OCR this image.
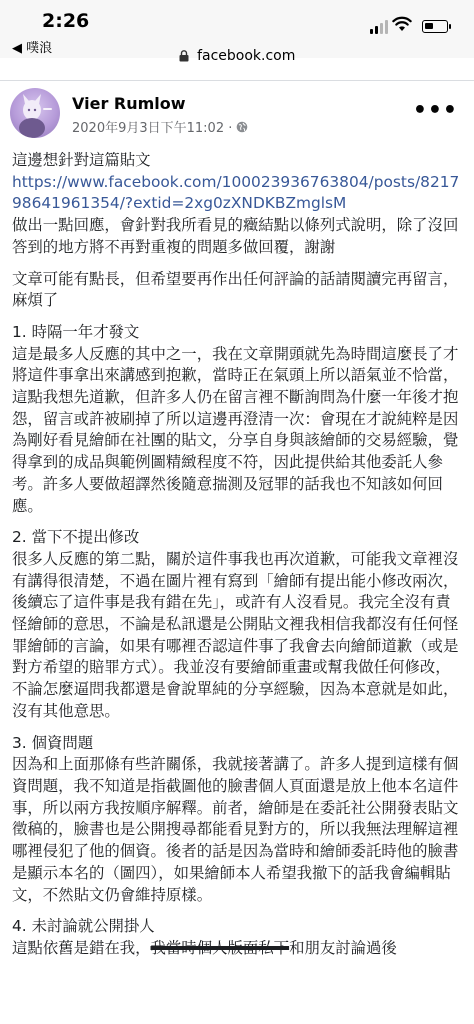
2:26
◀ 噗浪	facebook.com
Vier Rumlow
2020年9月3日下午11:02 ·
•••

這邊想針對這篇貼文

https://www.facebook.com/100023936763804/posts/821798641961354/?extid=2xg0zXNDKBZmglsM

做出一點回應，會針對我所看見的癥結點以條列式說明，除了沒回答到的地方將不再對重複的問題多做回覆，謝謝

文章可能有點長，但希望要再作出任何評論的話請閱讀完再留言，麻煩了

1. 時隔一年才發文

這是最多人反應的其中之一，我在文章開頭就先為時間這麼長了才將這件事拿出來講感到抱歉，當時正在氣頭上所以語氣並不恰當，這點我想先道歉，但許多人仍在留言裡不斷詢問為什麼一年後才抱怨，留言或許被刷掉了所以這邊再澄清一次：會現在才說純粹是因為剛好看見繪師在社團的貼文，分享自身與該繪師的交易經驗，覺得拿到的成品與範例圖精緻程度不符，因此提供給其他委託人參考。許多人要做超譯然後隨意揣測及冠罪的話我也不知該如何回應。

2. 當下不提出修改

很多人反應的第二點，關於這件事我也再次道歉，可能我文章裡沒有講得很清楚，不過在圖片裡有寫到「繪師有提出能小修改兩次，後續忘了這件事是我有錯在先」，或許有人沒看見。我完全沒有責怪繪師的意思，不論是私訊還是公開貼文裡我相信我都沒有任何怪罪繪師的言論，如果有哪裡否認這件事了我會去向繪師道歉（或是對方希望的賠罪方式）。我並沒有要繪師重畫或幫我做任何修改，不論怎麼逼問我都還是會說單純的分享經驗，因為本意就是如此，沒有其他意思。

3. 個資問題

因為和上面那條有些許關係，我就接著講了。許多人提到這樣有個資問題，我不知道是指截圖他的臉書個人頁面還是放上他本名這件事，所以兩方我按順序解釋。前者，繪師是在委託社公開發表貼文徵稿的，臉書也是公開搜尋都能看見對方的，所以我無法理解這裡哪裡侵犯了他的個資。後者的話是因為當時和繪師委託時他的臉書是顯示本名的（圖四），如果繪師本人希望我撤下的話我會編輯貼文，不然貼文仍會維持原樣。

4. 未討論就公開掛人

這點依舊是錯在我，我當時個人版面私下和朋友討論過後
